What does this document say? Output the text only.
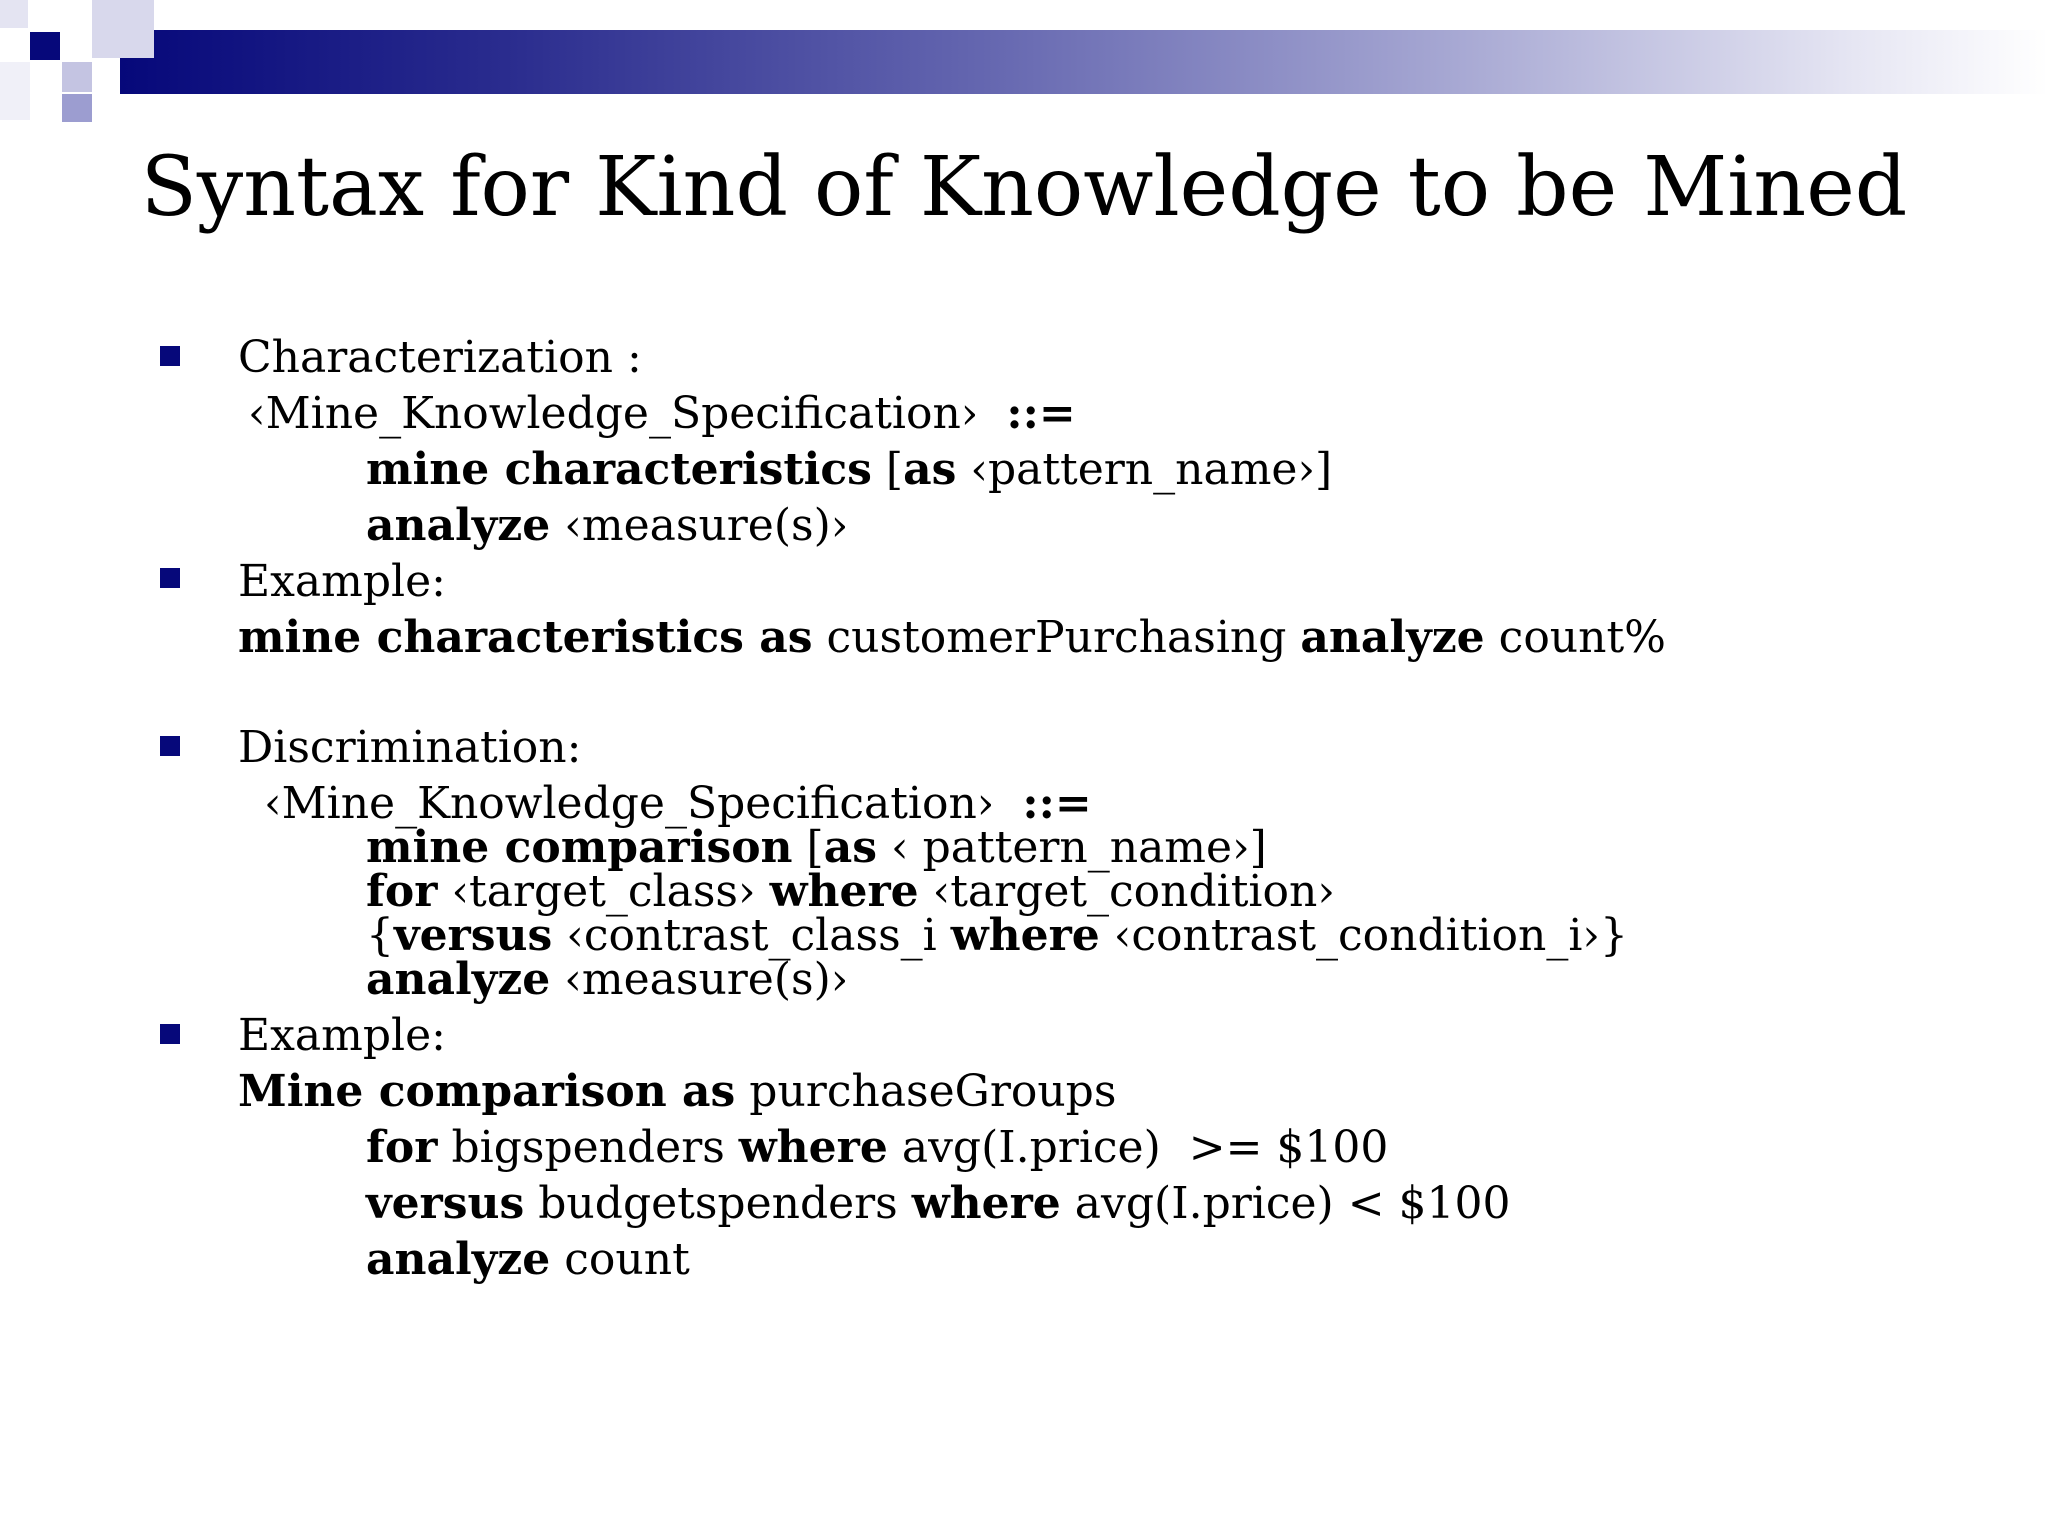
Syntax for Kind of Knowledge to be Mined
Characterization :
‹Mine_Knowledge_Specification›  ::=
mine characteristics [as ‹pattern_name›]
analyze ‹measure(s)›
Example:
mine characteristics as customerPurchasing analyze count%
Discrimination:
‹Mine_Knowledge_Specification›  ::=
mine comparison [as ‹ pattern_name›]
for ‹target_class› where ‹target_condition›
{versus ‹contrast_class_i where ‹contrast_condition_i›}
analyze ‹measure(s)›
Example:
Mine comparison as purchaseGroups
for bigspenders where avg(I.price)  >= $100
versus budgetspenders where avg(I.price) < $100
analyze count
